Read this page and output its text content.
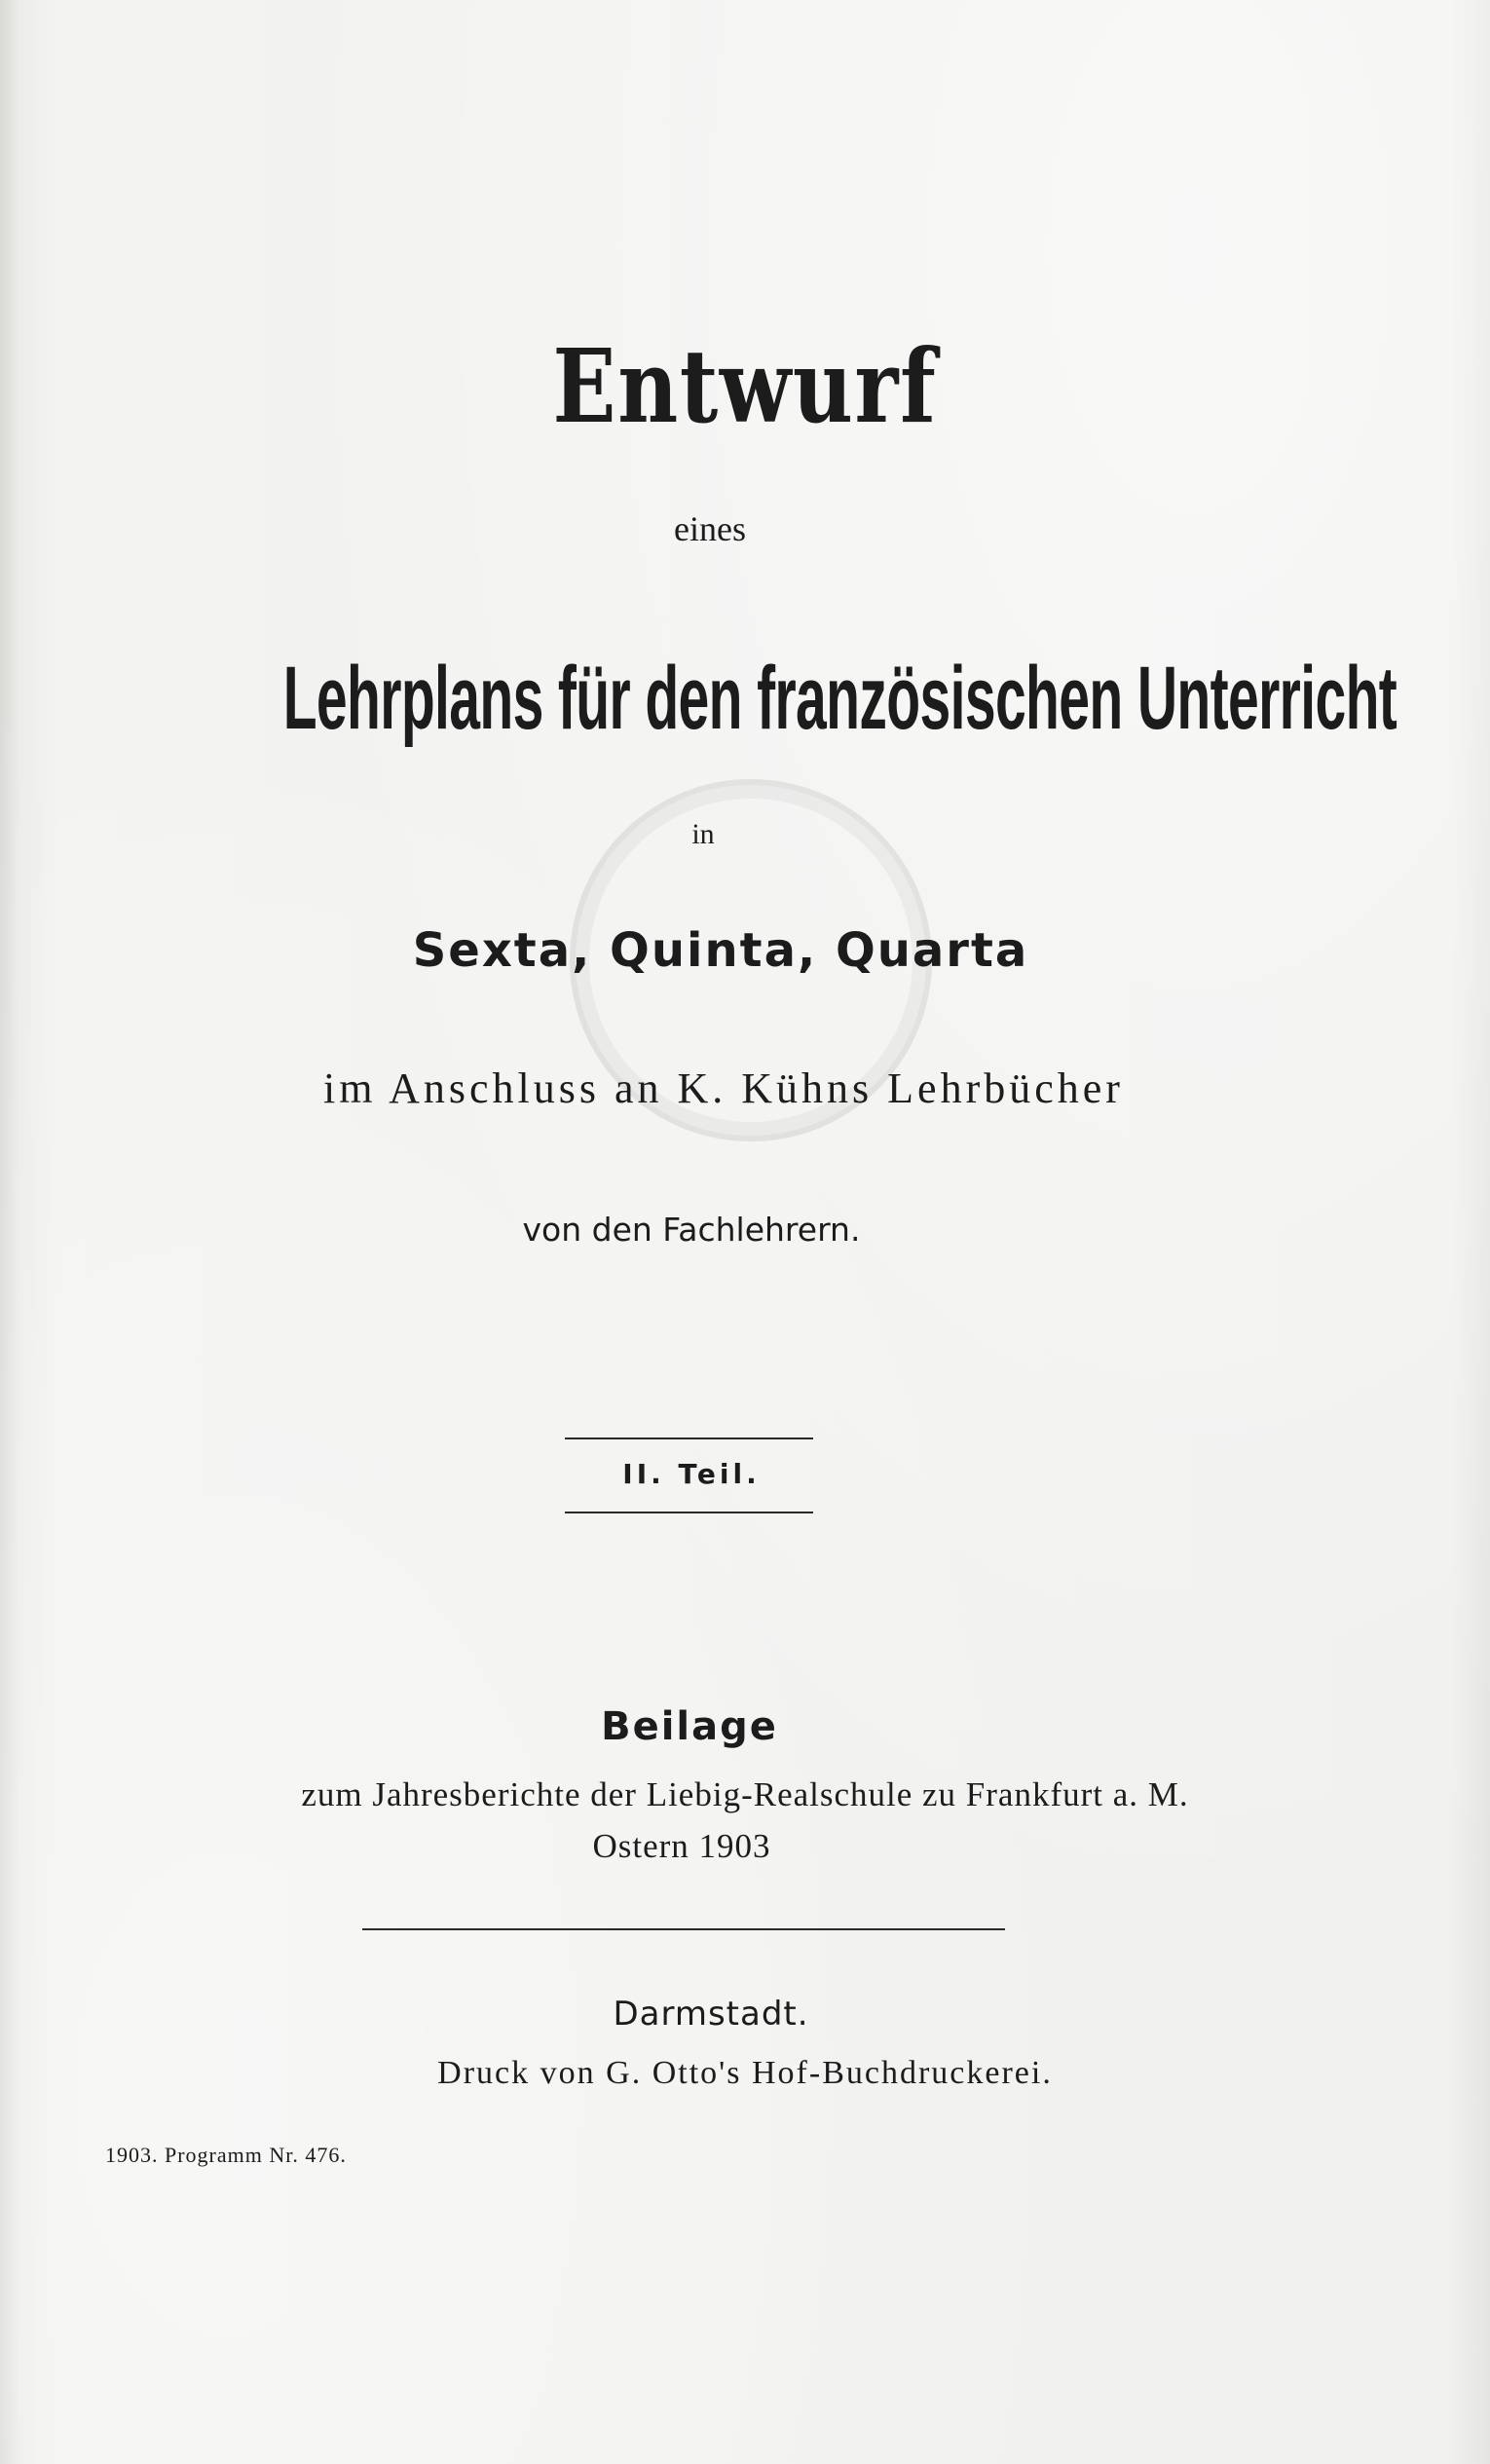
Entwurf
eines
Lehrplans für den französischen Unterricht
in
Sexta, Quinta, Quarta
im Anschluss an K. Kühns Lehrbücher
von den Fachlehrern.
II. Teil.
Beilage
zum Jahresberichte der Liebig-Realschule zu Frankfurt a. M.
Ostern 1903
Darmstadt.
Druck von G. Otto's Hof-Buchdruckerei.
1903. Programm Nr. 476.
